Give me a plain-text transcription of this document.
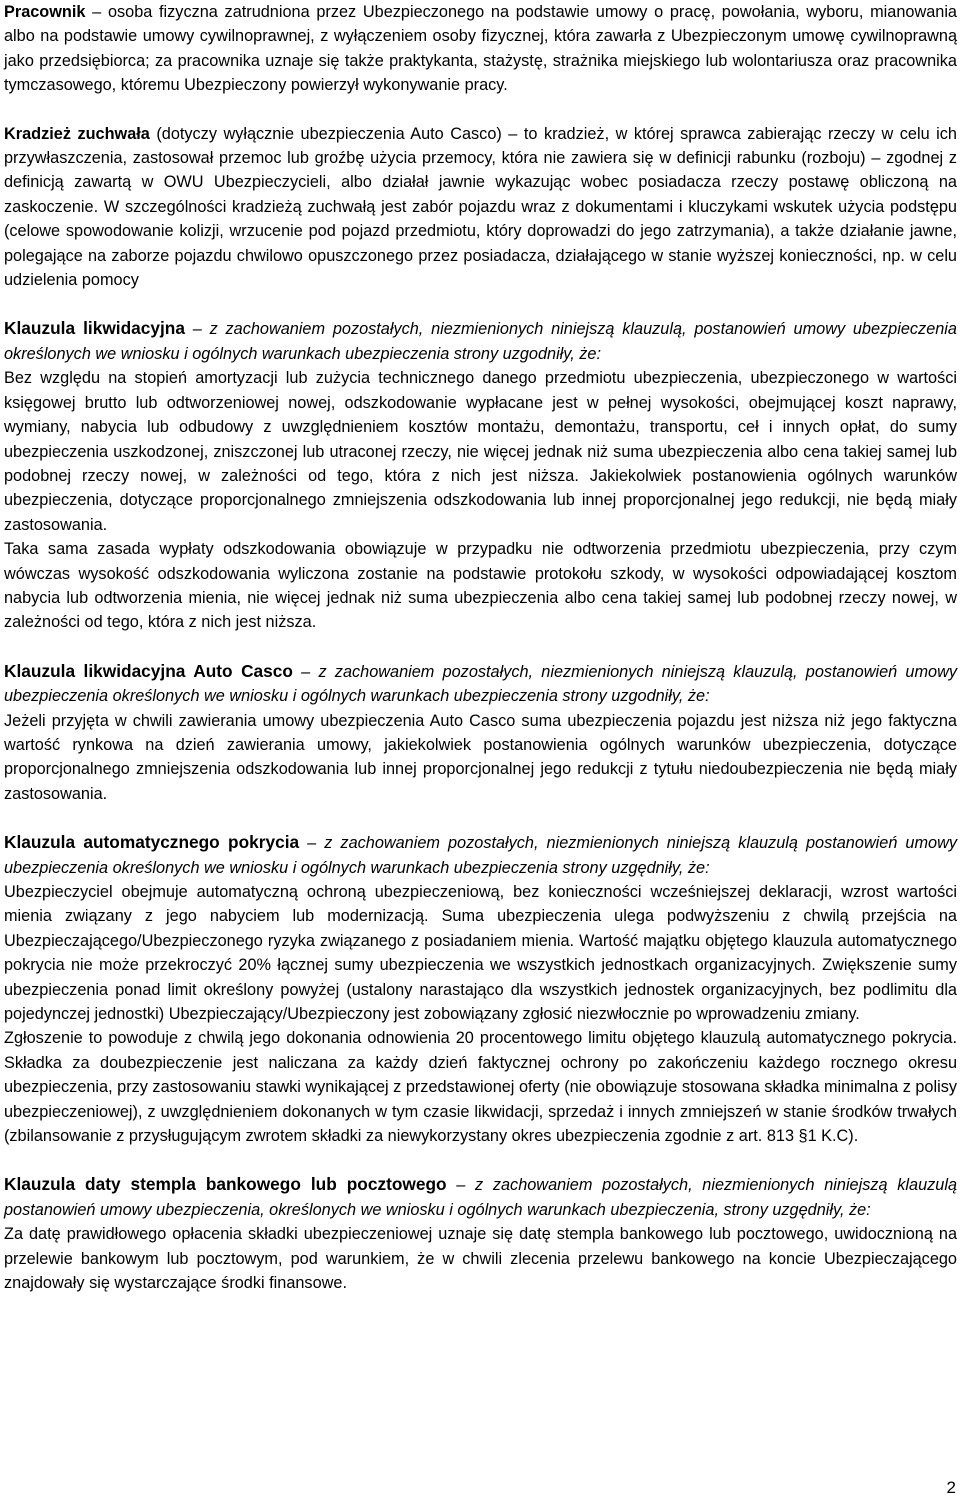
Pracownik – osoba fizyczna zatrudniona przez Ubezpieczonego na podstawie umowy o pracę, powołania, wyboru, mianowania albo na podstawie umowy cywilnoprawnej, z wyłączeniem osoby fizycznej, która zawarła z Ubezpieczonym umowę cywilnoprawną jako przedsiębiorca; za pracownika uznaje się także praktykanta, stażystę, strażnika miejskiego lub wolontariusza oraz pracownika tymczasowego, któremu Ubezpieczony powierzył wykonywanie pracy.

Kradzież zuchwała (dotyczy wyłącznie ubezpieczenia Auto Casco) – to kradzież, w której sprawca zabierając rzeczy w celu ich przywłaszczenia, zastosował przemoc lub groźbę użycia przemocy, która nie zawiera się w definicji rabunku (rozboju) – zgodnej z definicją zawartą w OWU Ubezpieczycieli, albo działał jawnie wykazując wobec posiadacza rzeczy postawę obliczoną na zaskoczenie. W szczególności kradzieżą zuchwałą jest zabór pojazdu wraz z dokumentami i kluczykami wskutek użycia podstępu (celowe spowodowanie kolizji, wrzucenie pod pojazd przedmiotu, który doprowadzi do jego zatrzymania), a także działanie jawne, polegające na zaborze pojazdu chwilowo opuszczonego przez posiadacza, działającego w stanie wyższej konieczności, np. w celu udzielenia pomocy

Klauzula likwidacyjna – z zachowaniem pozostałych, niezmienionych niniejszą klauzulą, postanowień umowy ubezpieczenia określonych we wniosku i ogólnych warunkach ubezpieczenia strony uzgodniły, że:

Bez względu na stopień amortyzacji lub zużycia technicznego danego przedmiotu ubezpieczenia, ubezpieczonego w wartości księgowej brutto lub odtworzeniowej nowej, odszkodowanie wypłacane jest w pełnej wysokości, obejmującej koszt naprawy, wymiany, nabycia lub odbudowy z uwzględnieniem kosztów montażu, demontażu, transportu, ceł i innych opłat, do sumy ubezpieczenia uszkodzonej, zniszczonej lub utraconej rzeczy, nie więcej jednak niż suma ubezpieczenia albo cena takiej samej lub podobnej rzeczy nowej, w zależności od tego, która z nich jest niższa. Jakiekolwiek postanowienia ogólnych warunków ubezpieczenia, dotyczące proporcjonalnego zmniejszenia odszkodowania lub innej proporcjonalnej jego redukcji, nie będą miały zastosowania.

Taka sama zasada wypłaty odszkodowania obowiązuje w przypadku nie odtworzenia przedmiotu ubezpieczenia, przy czym wówczas wysokość odszkodowania wyliczona zostanie na podstawie protokołu szkody, w wysokości odpowiadającej kosztom nabycia lub odtworzenia mienia, nie więcej jednak niż suma ubezpieczenia albo cena takiej samej lub podobnej rzeczy nowej, w zależności od tego, która z nich jest niższa.

Klauzula likwidacyjna Auto Casco – z zachowaniem pozostałych, niezmienionych niniejszą klauzulą, postanowień umowy ubezpieczenia określonych we wniosku i ogólnych warunkach ubezpieczenia strony uzgodniły, że:

Jeżeli przyjęta w chwili zawierania umowy ubezpieczenia Auto Casco suma ubezpieczenia pojazdu jest niższa niż jego faktyczna wartość rynkowa na dzień zawierania umowy, jakiekolwiek postanowienia ogólnych warunków ubezpieczenia, dotyczące proporcjonalnego zmniejszenia odszkodowania lub innej proporcjonalnej jego redukcji z tytułu niedoubezpieczenia nie będą miały zastosowania.

Klauzula automatycznego pokrycia – z zachowaniem pozostałych, niezmienionych niniejszą klauzulą postanowień umowy ubezpieczenia określonych we wniosku i ogólnych warunkach ubezpieczenia strony uzgędniły, że:

Ubezpieczyciel obejmuje automatyczną ochroną ubezpieczeniową, bez konieczności wcześniejszej deklaracji, wzrost wartości mienia związany z jego nabyciem lub modernizacją. Suma ubezpieczenia ulega podwyższeniu z chwilą przejścia na Ubezpieczającego/Ubezpieczonego ryzyka związanego z posiadaniem mienia. Wartość majątku objętego klauzula automatycznego pokrycia nie może przekroczyć 20% łącznej sumy ubezpieczenia we wszystkich jednostkach organizacyjnych. Zwiększenie sumy ubezpieczenia ponad limit określony powyżej (ustalony narastająco dla wszystkich jednostek organizacyjnych, bez podlimitu dla pojedynczej jednostki) Ubezpieczający/Ubezpieczony jest zobowiązany zgłosić niezwłocznie po wprowadzeniu zmiany.

Zgłoszenie to powoduje z chwilą jego dokonania odnowienia 20 procentowego limitu objętego klauzulą automatycznego pokrycia. Składka za doubezpieczenie jest naliczana za każdy dzień faktycznej ochrony po zakończeniu każdego rocznego okresu ubezpieczenia, przy zastosowaniu stawki wynikającej z przedstawionej oferty (nie obowiązuje stosowana składka minimalna z polisy ubezpieczeniowej), z uwzględnieniem dokonanych w tym czasie likwidacji, sprzedaż i innych zmniejszeń w stanie środków trwałych (zbilansowanie z przysługującym zwrotem składki za niewykorzystany okres ubezpieczenia zgodnie z art. 813 §1 K.C).

Klauzula daty stempla bankowego lub pocztowego – z zachowaniem pozostałych, niezmienionych niniejszą klauzulą postanowień umowy ubezpieczenia, określonych we wniosku i ogólnych warunkach ubezpieczenia, strony uzgędniły, że:

Za datę prawidłowego opłacenia składki ubezpieczeniowej uznaje się datę stempla bankowego lub pocztowego, uwidocznioną na przelewie bankowym lub pocztowym, pod warunkiem, że w chwili zlecenia przelewu bankowego na koncie Ubezpieczającego znajdowały się wystarczające środki finansowe.

2
